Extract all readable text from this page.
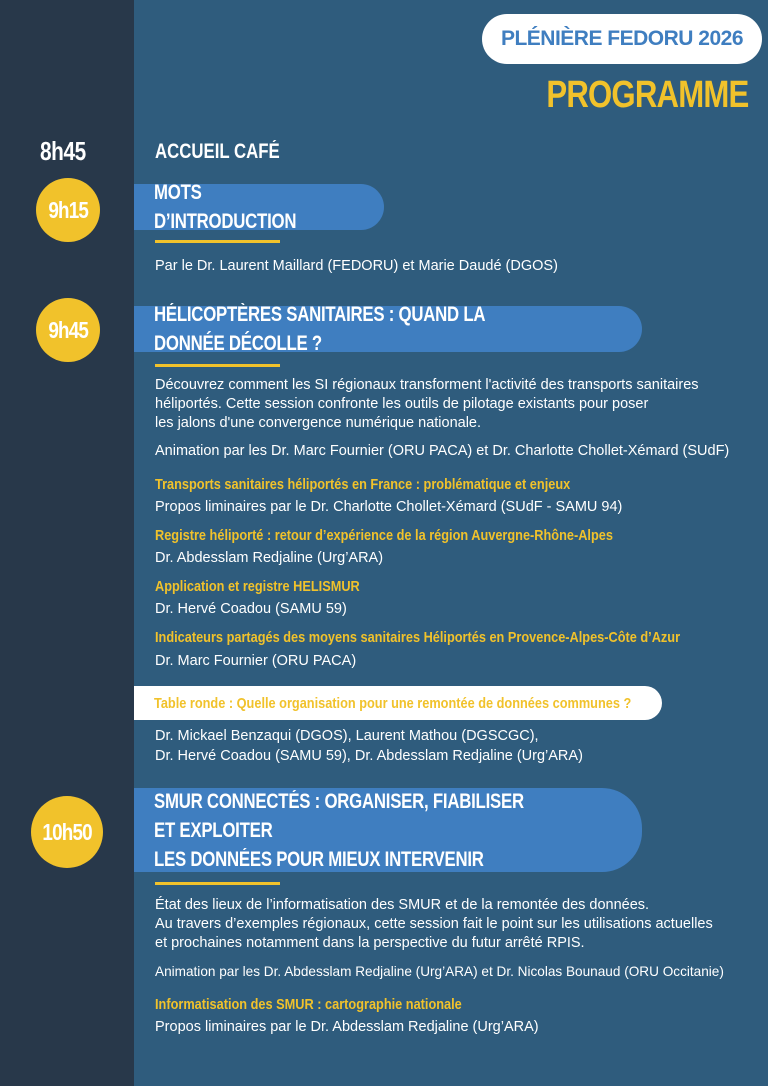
PLÉNIÈRE FEDORU 2026
PROGRAMME
8h45	ACCUEIL CAFÉ
9h15
MOTS D’INTRODUCTION
Par le Dr. Laurent Maillard (FEDORU) et Marie Daudé (DGOS)
9h45
HÉLICOPTÈRES SANITAIRES : QUAND LA DONNÉE DÉCOLLE ?
Découvrez comment les SI régionaux transforment l'activité des transports sanitaires
héliportés. Cette session confronte les outils de pilotage existants pour poser
les jalons d'une convergence numérique nationale.
Animation par les Dr. Marc Fournier (ORU PACA) et Dr. Charlotte Chollet-Xémard (SUdF)
Transports sanitaires héliportés en France : problématique et enjeux
Propos liminaires par le Dr. Charlotte Chollet-Xémard (SUdF - SAMU 94)
Registre héliporté : retour d’expérience de la région Auvergne-Rhône-Alpes
Dr. Abdesslam Redjaline (Urg’ARA)
Application et registre HELISMUR
Dr. Hervé Coadou (SAMU 59)
Indicateurs partagés des moyens sanitaires Héliportés en Provence-Alpes-Côte d’Azur
Dr. Marc Fournier (ORU PACA)
Table ronde : Quelle organisation pour une remontée de données communes ?
Dr. Mickael Benzaqui (DGOS), Laurent Mathou (DGSCGC),
Dr. Hervé Coadou (SAMU 59), Dr. Abdesslam Redjaline (Urg’ARA)
10h50
SMUR CONNECTÉS : ORGANISER, FIABILISER ET EXPLOITER
LES DONNÉES POUR MIEUX INTERVENIR
État des lieux de l’informatisation des SMUR et de la remontée des données.
Au travers d’exemples régionaux, cette session fait le point sur les utilisations actuelles
et prochaines notamment dans la perspective du futur arrêté RPIS.
Animation par les Dr. Abdesslam Redjaline (Urg’ARA) et Dr. Nicolas Bounaud (ORU Occitanie)
Informatisation des SMUR : cartographie nationale
Propos liminaires par le Dr. Abdesslam Redjaline (Urg’ARA)
